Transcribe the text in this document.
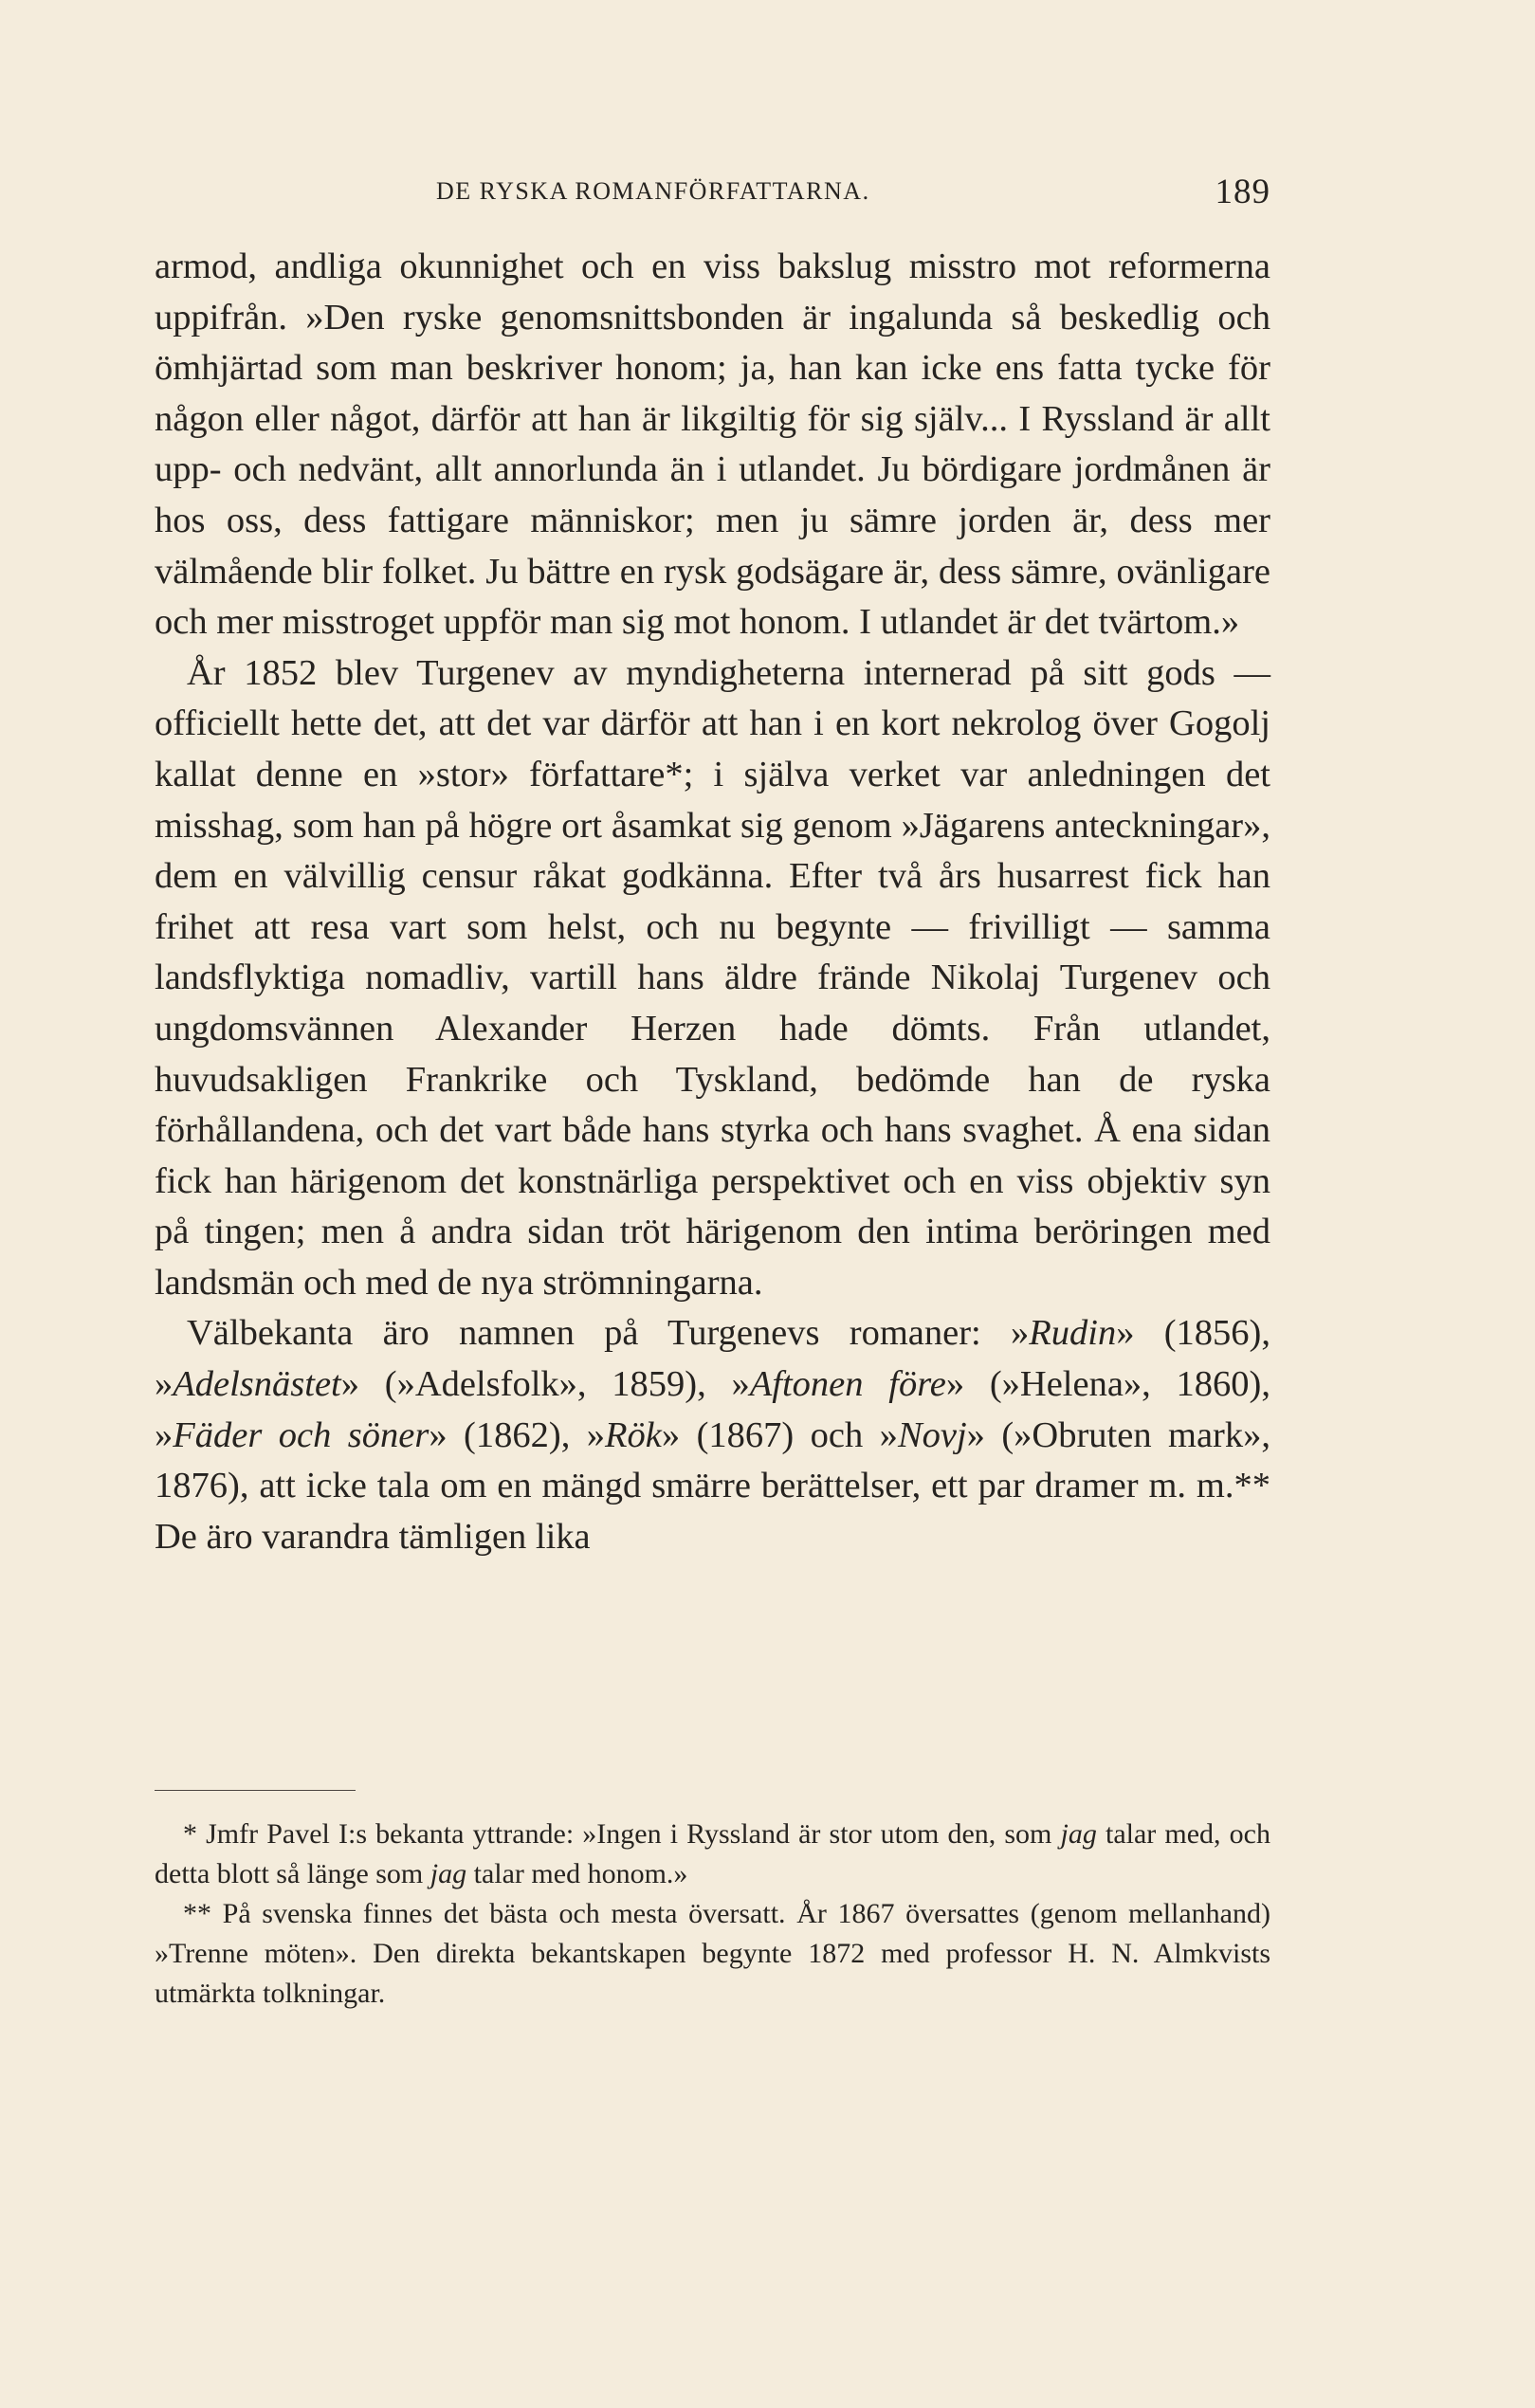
DE RYSKA ROMANFÖRFATTARNA.	189

armod, andliga okunnighet och en viss bakslug misstro mot reformerna uppifrån. »Den ryske genomsnittsbonden är ingalunda så beskedlig och ömhjärtad som man beskriver honom; ja, han kan icke ens fatta tycke för någon eller något, därför att han är likgiltig för sig själv... I Ryssland är allt upp- och nedvänt, allt annorlunda än i utlandet. Ju bördigare jordmånen är hos oss, dess fattigare människor; men ju sämre jorden är, dess mer välmående blir folket. Ju bättre en rysk godsägare är, dess sämre, ovänligare och mer misstroget uppför man sig mot honom. I utlandet är det tvärtom.»

År 1852 blev Turgenev av myndigheterna internerad på sitt gods — officiellt hette det, att det var därför att han i en kort nekrolog över Gogolj kallat denne en »stor» författare*; i själva verket var anledningen det misshag, som han på högre ort åsamkat sig genom »Jägarens anteckningar», dem en välvillig censur råkat godkänna. Efter två års husarrest fick han frihet att resa vart som helst, och nu begynte — frivilligt — samma landsflyktiga nomadliv, vartill hans äldre frände Nikolaj Turgenev och ungdomsvännen Alexander Herzen hade dömts. Från utlandet, huvudsakligen Frankrike och Tyskland, bedömde han de ryska förhållandena, och det vart både hans styrka och hans svaghet. Å ena sidan fick han härigenom det konstnärliga perspektivet och en viss objektiv syn på tingen; men å andra sidan tröt härigenom den intima beröringen med landsmän och med de nya strömningarna.

Välbekanta äro namnen på Turgenevs romaner: »Rudin» (1856), »Adelsnästet» (»Adelsfolk», 1859), »Aftonen före» (»Helena», 1860), »Fäder och söner» (1862), »Rök» (1867) och »Novj» (»Obruten mark», 1876), att icke tala om en mängd smärre berättelser, ett par dramer m. m.** De äro varandra tämligen lika

* Jmfr Pavel I:s bekanta yttrande: »Ingen i Ryssland är stor utom den, som jag talar med, och detta blott så länge som jag talar med honom.»

** På svenska finnes det bästa och mesta översatt. År 1867 översattes (genom mellanhand) »Trenne möten». Den direkta bekantskapen begynte 1872 med professor H. N. Almkvists utmärkta tolkningar.
